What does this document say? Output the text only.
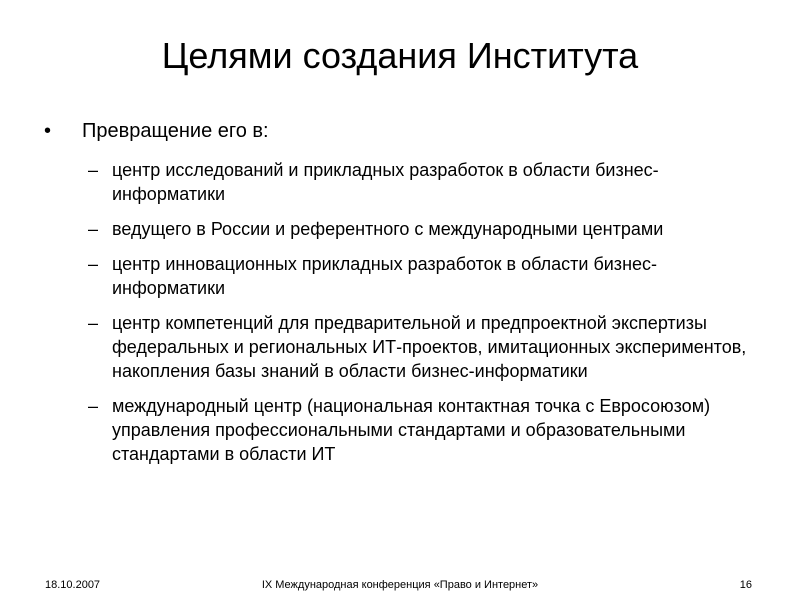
Целями создания Института
• Превращение его в:
– центр исследований и прикладных разработок в области бизнес-информатики
– ведущего в России и референтного с международными центрами
– центр инновационных прикладных разработок в области бизнес-информатики
– центр компетенций для предварительной и предпроектной экспертизы федеральных и региональных ИТ-проектов, имитационных экспериментов, накопления базы знаний в области бизнес-информатики
– международный центр (национальная контактная точка с Евросоюзом) управления профессиональными стандартами и образовательными стандартами в области ИТ
18.10.2007	IX Международная конференция «Право и Интернет»	16
